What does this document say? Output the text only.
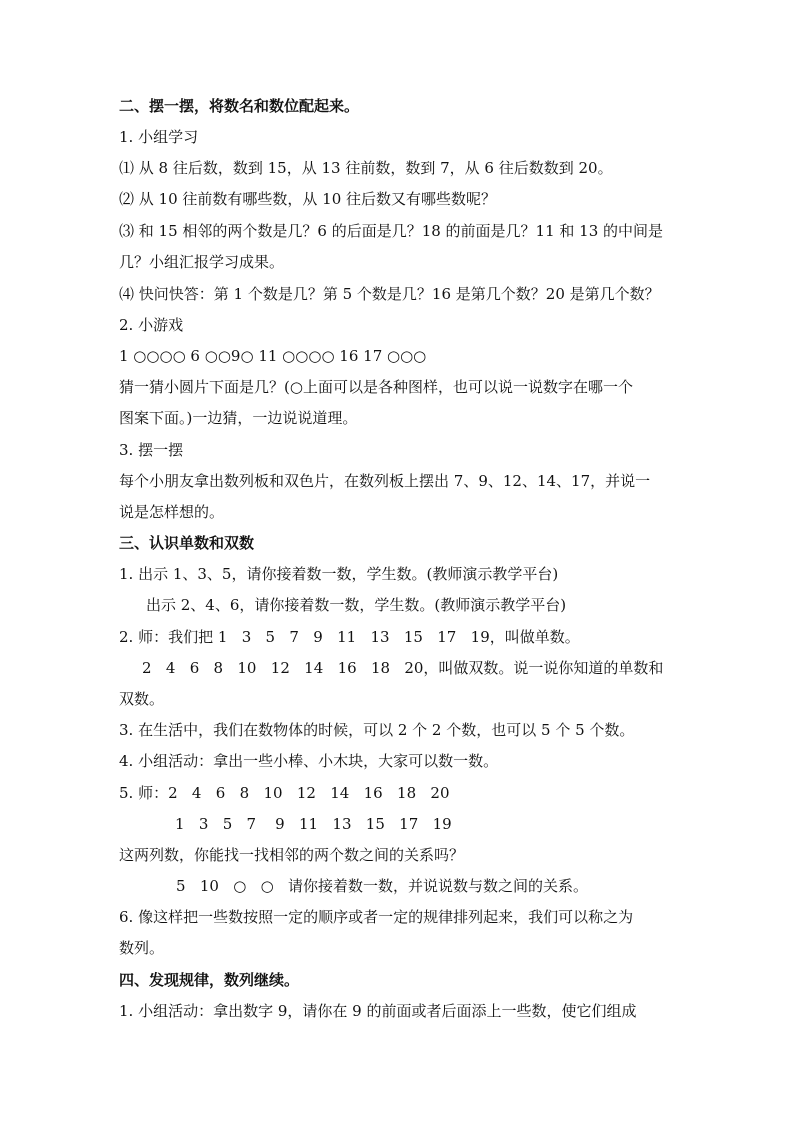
二、摆一摆，将数名和数位配起来。
1. 小组学习
⑴ 从 8 往后数，数到 15，从 13 往前数，数到 7，从 6 往后数数到 20。
⑵ 从 10 往前数有哪些数，从 10 往后数又有哪些数呢？
⑶ 和 15 相邻的两个数是几？6 的后面是几？18 的前面是几？11 和 13 的中间是
几？小组汇报学习成果。
⑷ 快问快答：第 1 个数是几？第 5 个数是几？16 是第几个数？20 是第几个数？
2. 小游戏
1 ○○○○ 6 ○○9○ 11 ○○○○ 16 17 ○○○
猜一猜小圆片下面是几？(○上面可以是各种图样，也可以说一说数字在哪一个
图案下面。)一边猜，一边说说道理。
3. 摆一摆
每个小朋友拿出数列板和双色片，在数列板上摆出 7、9、12、14、17，并说一
说是怎样想的。
三、认识单数和双数
1. 出示 1、3、5，请你接着数一数，学生数。(教师演示教学平台)
出示 2、4、6，请你接着数一数，学生数。(教师演示教学平台)
2. 师：我们把 1   3   5   7   9   11   13   15   17   19，叫做单数。
2   4   6   8   10   12   14   16   18   20，叫做双数。说一说你知道的单数和
双数。
3. 在生活中，我们在数物体的时候，可以 2 个 2 个数，也可以 5 个 5 个数。
4. 小组活动：拿出一些小棒、小木块，大家可以数一数。
5. 师：2   4   6   8   10   12   14   16   18   20
1   3   5   7    9   11   13   15   17   19
这两列数，你能找一找相邻的两个数之间的关系吗？
5   10   ○   ○   请你接着数一数，并说说数与数之间的关系。
6. 像这样把一些数按照一定的顺序或者一定的规律排列起来，我们可以称之为
数列。
四、发现规律，数列继续。
1. 小组活动：拿出数字 9，请你在 9 的前面或者后面添上一些数，使它们组成
